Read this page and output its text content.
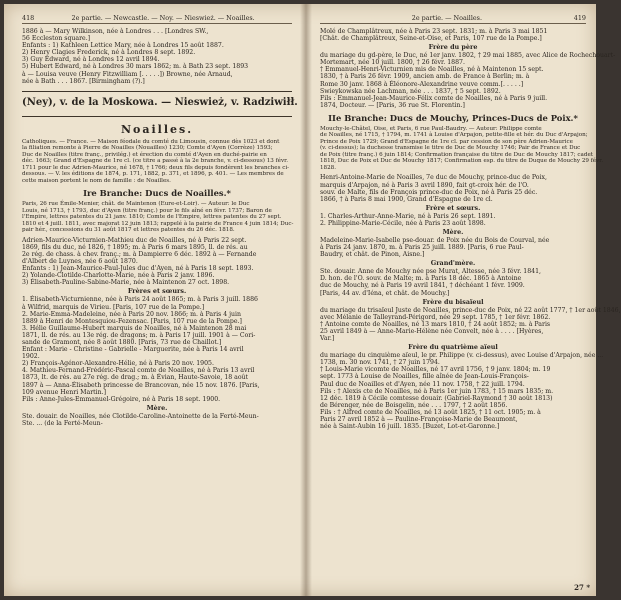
418	2e partie. — Newcastle. — Noy. — Nieswież. — Noailles.
1886 à — Mary Wilkinson, née à Londres . . . [Londres SW.,
56 Eccleston square.]
Enfants : 1) Kathleen Lettice Mary, née à Londres 15 août 1887.
2) Henry Clagies Frederick, né à Londres 8 sept. 1892.
3) Guy Edward, né à Londres 12 avril 1894.
5) Hubert Edward, né à Londres 30 mars 1862; m. à Bath 23 sept. 1893
à — Louisa veuve (Henry Fitzwilliam [. . . . .]) Browne, née Arnaud,
née à Bath . . . 1867. [Birmingham (?).]
(Ney), v. de la Moskowa. — Nieswież, v. Radziwiłł.
Noailles.
Catholiques. — France. — Maison féodale du comté du Limousin, connue dès 1023 et dont
la filiation remonte à Pierre de Noailles (Nouailles) 1230; Comte d'Ayen (Corrèze) 1593;
Duc de Noailles (titre franç., privilég.) et érection du comté d'Ayen en duché-pairie en
déc. 1663; Grand d'Espagne de 1re cl. (ce titre a passé à la 2e branche, v. ci-dessous) 13 févr.
1711 pour le duc Adrien-Maurice, né 1678, † 1766; deux fils depuis fondèrent les branches ci-
dessous. — V. les éditions de 1874, p. 171, 1882, p. 371, et 1896, p. 401. — Les membres de
cette maison portent le nom de famille : de Noailles.
Ire Branche: Ducs de Noailles.*
Paris, 26 rue Émile-Menier, chât. de Maintenon (Eure-et-Loir). — Auteur: le Duc
Louis, né 1713, † 1793, duc d'Ayen (titre franç.) pour le fils aîné en févr. 1737; Baron de
l'Empire, lettres patentes du 21 janv. 1810; Comte de l'Empire, lettres patentes du 27 sept.
1810 et 4 juill. 1811, avec majorat 12 juin 1813; rappelé à la pairie de France 4 juin 1814; Duc-
pair hér., concessions du 31 août 1817 et lettres patentes du 26 déc. 1818.
Adrien-Maurice-Victurnien-Mathieu duc de Noailles, né à Paris 22 sept.
1869, fils du duc, né 1826, † 1895; m. à Paris 6 mars 1895, ll. de rés. au
2e rég. de chass. à chev. franç.; m. à Dampierre 6 déc. 1892 à — Fernande
d'Albert de Luynes, née 6 août 1870.
Enfants : 1) Jean-Maurice-Paul-Jules duc d'Ayen, né à Paris 18 sept. 1893.
2) Yolande-Clotilde-Charlotte-Marie, née à Paris 2 janv. 1896.
3) Élisabeth-Pauline-Sabine-Marie, née à Maintenon 27 oct. 1898.
Frères et sœurs.
1. Élisabeth-Victurnienne, née à Paris 24 août 1865; m. à Paris 3 juill. 1886
à Wilfrid, marquis de Virieu. [Paris, 107 rue de la Pompe.]
2. Marie-Emma-Madeleine, née à Paris 20 nov. 1866; m. à Paris 4 juin
1889 à Henri de Montesquiou-Fezensac. [Paris, 107 rue de la Pompe.]
3. Hélie Guillaume-Hubert marquis de Noailles, né à Maintenon 28 mai
1871, ll. de rés. au 13e rég. de dragons; m. à Paris 17 juill. 1901 à — Cori-
sande de Gramont, née 8 août 1880. [Paris, 73 rue de Chaillot.]
Enfant : Marie - Christine - Gabrielle - Marguerite, née à Paris 14 avril
1902.
2) François-Agénor-Alexandre-Hélie, né à Paris 20 nov. 1905.
4. Mathieu-Fernand-Frédéric-Pascal comte de Noailles, né à Paris 13 avril
1873, lt. de rés. au 27e rég. de drag.; m. à Évian, Haute-Savoie, 18 août
1897 à — Anna-Élisabeth princesse de Brancovan, née 15 nov. 1876. [Paris,
109 avenue Henri Martin.]
Fils : Anne-Jules-Emmanuel-Grégoire, né à Paris 18 sept. 1900.
Mère.
Ste. douair. de Noailles, née Clotilde-Caroline-Antoinette de la Ferté-Meun-
Ste. ... (de la Ferté-Meun-
2e partie. — Noailles.	419
Molé de Champlâtreux, née à Paris 23 sept. 1831; m. à Paris 3 mai 1851
[Chât. de Champlâtreux, Seine-et-Oise, et Paris, 107 rue de la Pompe.]
Frère du père
du mariage du gd-père, le Duc, né 1er janv. 1802, † 29 mai 1885, avec Alice de Rochechouart-
Mortemart, née 10 juill. 1800, † 26 févr. 1887.
† Emmanuel-Henri-Victurnien mis de Noailles, né à Maintenon 15 sept.
1830, † à Paris 26 févr. 1909, ancien amb. de France à Berlin; m. à
Rome 30 janv. 1868 à Éléonore-Alexandrine veuve comm.[. . . . .]
Swieykowska née Lachman, née . . . 1837, † 5 sept. 1892.
Fils : Emmanuel-Jean-Maurice-Félix comte de Noailles, né à Paris 9 juill.
1874, Docteur. — [Paris, 36 rue St. Florentin.]
IIe Branche: Ducs de Mouchy, Princes-Ducs de Poix.*
Mouchy-le-Châtel, Oise, et Paris, 6 rue Paul-Baudry. — Auteur: Philippe comte
de Noailles, né 1715, † 1794, m. 1741 à Louise d'Arpajon, petite-fille et hér. du Duc d'Arpajon;
Prince de Poix 1729; Grand d'Espagne de 1re cl. par cession de son père Adrien-Maurice
(v. ci-dessus); la duchesse transmise le titre de Duc de Mouchy 1746; Pair de France et Duc
de Poix (titre franç.) 6 juin 1814; Confirmation française du titre de Duc de Mouchy 1817; cadet
1818, Duc de Poix et Duc de Mouchy 1817; Confirmation esp. du titre de Duque de Mouchy 29 févr.
1828.
Henri-Antoine-Marie de Noailles, 7e duc de Mouchy, prince-duc de Poix,
marquis d'Arpajon, né à Paris 3 avril 1890, fait gt-croix hér. de l'O.
souv. de Malte, fils de François prince-duc de Poix, né à Paris 25 déc.
1866, † à Paris 8 mai 1900, Grand d'Espagne de 1re cl.
Frère et sœurs.
1. Charles-Arthur-Anne-Marie, né à Paris 26 sept. 1891.
2. Philippine-Marie-Cécile, née à Paris 23 août 1898.
Mère.
Madeleine-Marie-Isabelle pse-douar. de Poix née du Bois de Courval, née
à Paris 24 janv. 1870, m. à Paris 25 juill. 1889. [Paris, 6 rue Paul-
Baudry, et chât. de Pinon, Aisne.]
Grand'mère.
Ste. douair. Anne de Mouchy née pse Murat, Altesse, née 3 févr. 1841,
D. hon. de l'O. souv. de Malte; m. à Paris 18 déc. 1865 à Antoine
duc de Mouchy, né à Paris 19 avril 1841, † déchéant 1 févr. 1909.
[Paris, 44 av. d'Iéna, et chât. de Mouchy.]
Frère du bisaïeul
du mariage du trisaïeul Juste de Noailles, prince-duc de Poix, né 22 août 1777, † 1er août 1846,
avec Mélanie de Talleyrand-Périgord, née 29 sept. 1785, † 1er févr. 1862.
† Antoine comte de Noailles, né 13 mars 1810, † 24 août 1852; m. à Paris
25 avril 1849 à — Anne-Marie-Hélène née Convelt, née à . . . . [Hyères,
Var.]
Frère du quatrième aïeul
du mariage du cinquième aïeul, le pr. Philippe (v. ci-dessus), avec Louise d'Arpajon, née ...
1738, m. 30 nov. 1741, † 27 juin 1794.
† Louis-Marie vicomte de Noailles, né 17 avril 1756, † 9 janv. 1804; m. 19
sept. 1773 à Louise de Noailles, fille aînée de Jean-Louis-François-
Paul duc de Noailles et d'Ayen, née 11 nov. 1758, † 22 juill. 1794.
Fils : † Alexis cte de Noailles, né à Paris 1er juin 1783, † 15 mars 1835; m.
12 déc. 1819 à Cécile comtesse douair. (Gabriel-Raymond † 30 août 1813)
de Bérenger, née de Boisgelin, née . . . 1797, † 2 août 1856.
Fils : † Alfred comte de Noailles, né 13 août 1825, † 11 oct. 1905; m. à
Paris 27 avril 1852 à — Pauline-Françoise-Marie de Beaumont,
née à Saint-Aubin 16 juill. 1835. [Buzet, Lot-et-Garonne.]
27 *
